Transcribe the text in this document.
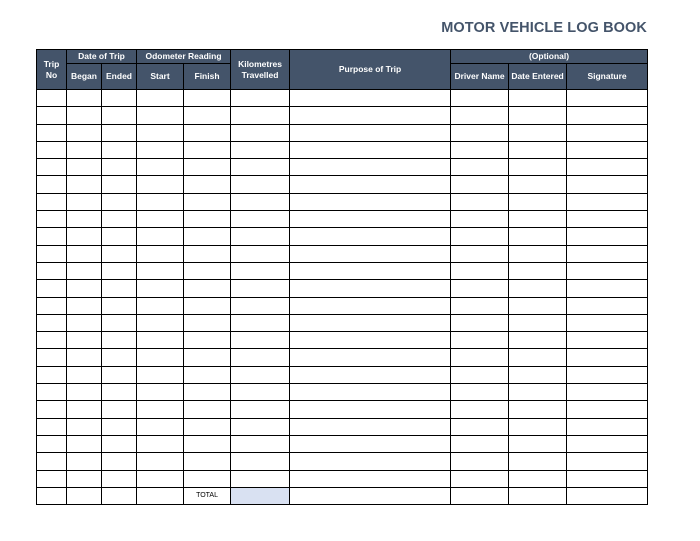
MOTOR VEHICLE LOG BOOK
Trip No	Date of Trip		Odometer Reading		Kilometres Travelled	Purpose of Trip	(Optional)		
	Began	Ended	Start	Finish			Driver Name	Date Entered	Signature

				TOTAL					
